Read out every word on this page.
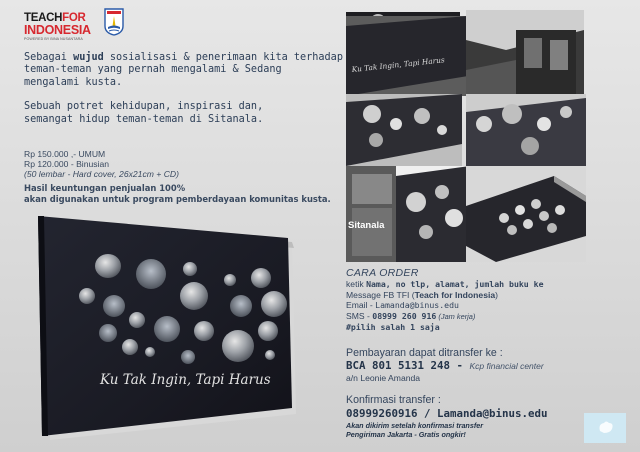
TEACHFOR
INDONESIA
POWERED BY BINA NUSANTARA
Sebagai wujud sosialisasi & penerimaan kita terhadap
teman-teman yang pernah mengalami & Sedang
mengalami kusta.
Sebuah potret kehidupan, inspirasi dan,
semangat hidup teman-teman di Sitanala.
Rp 150.000 ,- UMUM
Rp 120.000 - Binusian
(50 lembar - Hard cover, 26x21cm + CD)
Hasil keuntungan penjualan 100%
akan digunakan untuk program pemberdayaan komunitas kusta.
Ku Tak Ingin, Tapi Harus
Ku Tak Ingin, Tapi Harus
Sitanala
CARA ORDER
ketik Nama, no tlp, alamat, jumlah buku ke
Message FB TFI (Teach for Indonesia)
Email - Lamanda@binus.edu
SMS - 08999 260 916 (Jam kerja)
#pilih salah 1 saja
Pembayaran dapat ditransfer ke :
BCA 801 5131 248 - Kcp financial center
a/n Leonie Amanda
Konfirmasi transfer :
08999260916 / Lamanda@binus.edu
Akan dikirim setelah konfirmasi transfer
Pengiriman Jakarta - Gratis ongkir!
